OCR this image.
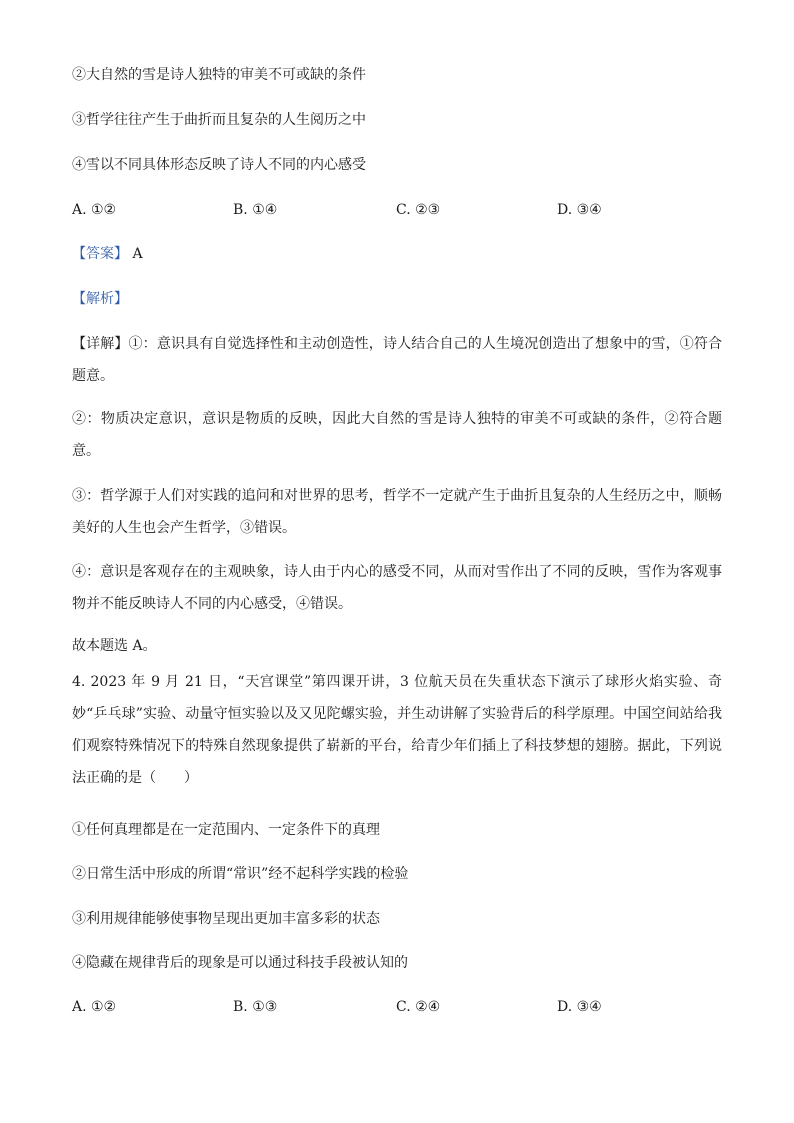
②大自然的雪是诗人独特的审美不可或缺的条件
③哲学往往产生于曲折而且复杂的人生阅历之中
④雪以不同具体形态反映了诗人不同的内心感受
A. ①②	B. ①④	C. ②③	D. ③④
【答案】 A
【解析】
【详解】①：意识具有自觉选择性和主动创造性，诗人结合自己的人生境况创造出了想象中的雪，①符合题意。
②：物质决定意识，意识是物质的反映，因此大自然的雪是诗人独特的审美不可或缺的条件，②符合题意。
③：哲学源于人们对实践的追问和对世界的思考，哲学不一定就产生于曲折且复杂的人生经历之中，顺畅美好的人生也会产生哲学，③错误。
④：意识是客观存在的主观映象，诗人由于内心的感受不同，从而对雪作出了不同的反映，雪作为客观事物并不能反映诗人不同的内心感受，④错误。
故本题选 A。
4. 2023 年 9 月 21 日，“天宫课堂”第四课开讲，3 位航天员在失重状态下演示了球形火焰实验、奇妙“乒乓球”实验、动量守恒实验以及又见陀螺实验，并生动讲解了实验背后的科学原理。中国空间站给我们观察特殊情况下的特殊自然现象提供了崭新的平台，给青少年们插上了科技梦想的翅膀。据此，下列说法正确的是（　　）
①任何真理都是在一定范围内、一定条件下的真理
②日常生活中形成的所谓“常识”经不起科学实践的检验
③利用规律能够使事物呈现出更加丰富多彩的状态
④隐藏在规律背后的现象是可以通过科技手段被认知的
A. ①②	B. ①③	C. ②④	D. ③④
